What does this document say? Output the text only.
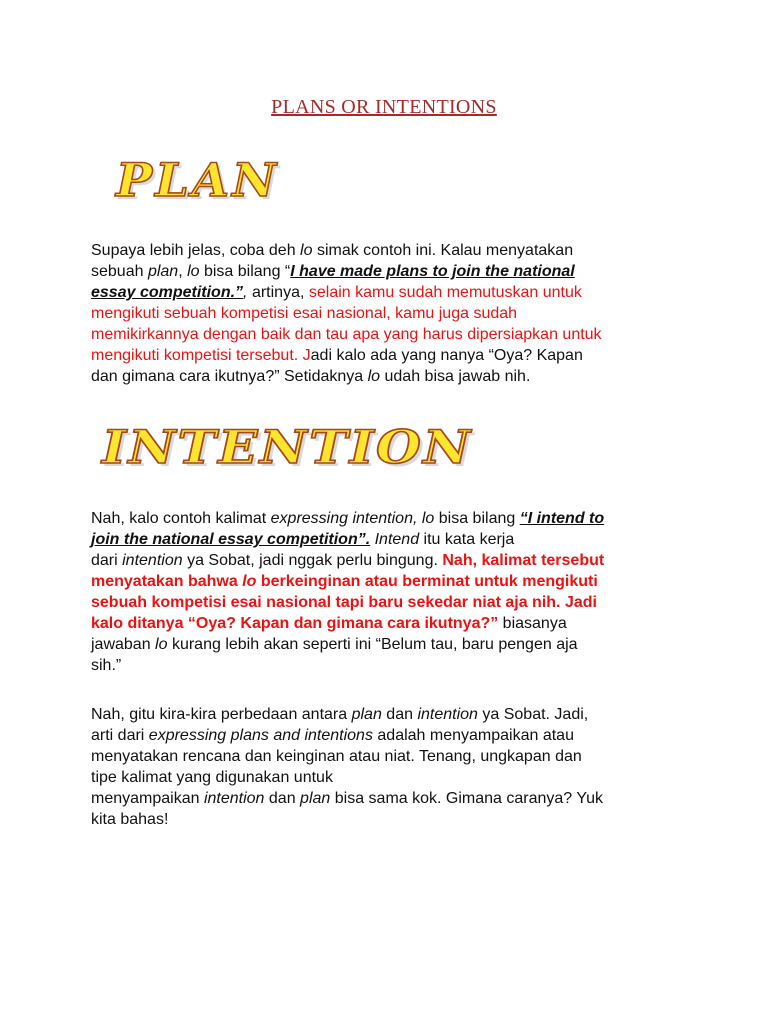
PLANS OR INTENTIONS
PLAN
Supaya lebih jelas, coba deh lo simak contoh ini. Kalau menyatakan
sebuah plan, lo bisa bilang “I have made plans to join the national
essay competition.”, artinya, selain kamu sudah memutuskan untuk
mengikuti sebuah kompetisi esai nasional, kamu juga sudah
memikirkannya dengan baik dan tau apa yang harus dipersiapkan untuk
mengikuti kompetisi tersebut. Jadi kalo ada yang nanya “Oya? Kapan
dan gimana cara ikutnya?” Setidaknya lo udah bisa jawab nih.
INTENTION
Nah, kalo contoh kalimat expressing intention, lo bisa bilang “I intend to
join the national essay competition”. Intend itu kata kerja
dari intention ya Sobat, jadi nggak perlu bingung. Nah, kalimat tersebut
menyatakan bahwa lo berkeinginan atau berminat untuk mengikuti
sebuah kompetisi esai nasional tapi baru sekedar niat aja nih. Jadi
kalo ditanya “Oya? Kapan dan gimana cara ikutnya?” biasanya
jawaban lo kurang lebih akan seperti ini “Belum tau, baru pengen aja
sih.”
Nah, gitu kira-kira perbedaan antara plan dan intention ya Sobat. Jadi,
arti dari expressing plans and intentions adalah menyampaikan atau
menyatakan rencana dan keinginan atau niat. Tenang, ungkapan dan
tipe kalimat yang digunakan untuk
menyampaikan intention dan plan bisa sama kok. Gimana caranya? Yuk
kita bahas!
